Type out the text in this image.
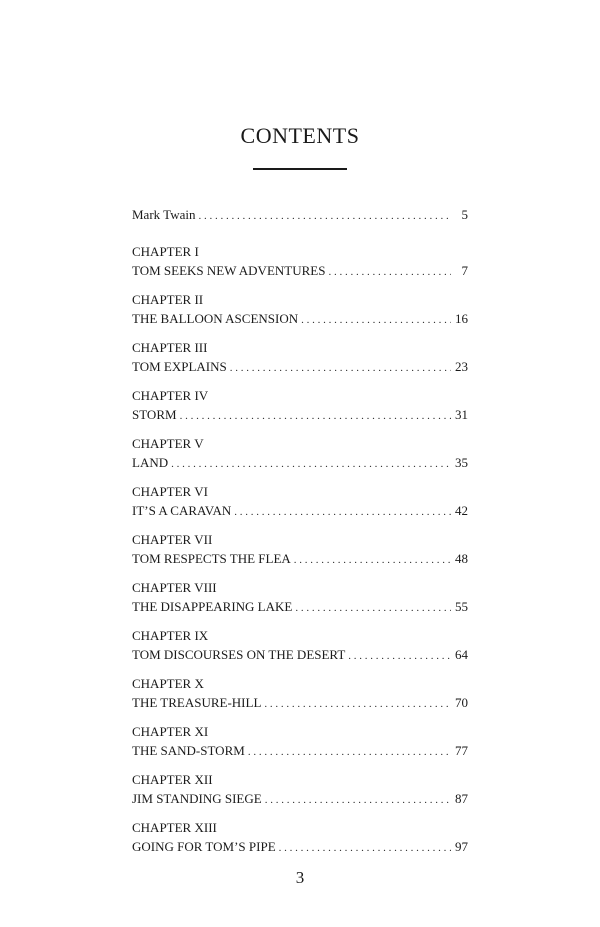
CONTENTS
Mark Twain . . .	5
CHAPTER I
TOM SEEKS NEW ADVENTURES . . .	7
CHAPTER II
THE BALLOON ASCENSION . . .	16
CHAPTER III
TOM EXPLAINS . . .	23
CHAPTER IV
STORM . . .	31
CHAPTER V
LAND . . .	35
CHAPTER VI
IT’S A CARAVAN . . .	42
CHAPTER VII
TOM RESPECTS THE FLEA . . .	48
CHAPTER VIII
THE DISAPPEARING LAKE . . .	55
CHAPTER IX
TOM DISCOURSES ON THE DESERT . . .	64
CHAPTER X
THE TREASURE-HILL . . .	70
CHAPTER XI
THE SAND-STORM . . .	77
CHAPTER XII
JIM STANDING SIEGE . . .	87
CHAPTER XIII
GOING FOR TOM’S PIPE . . .	97
3
